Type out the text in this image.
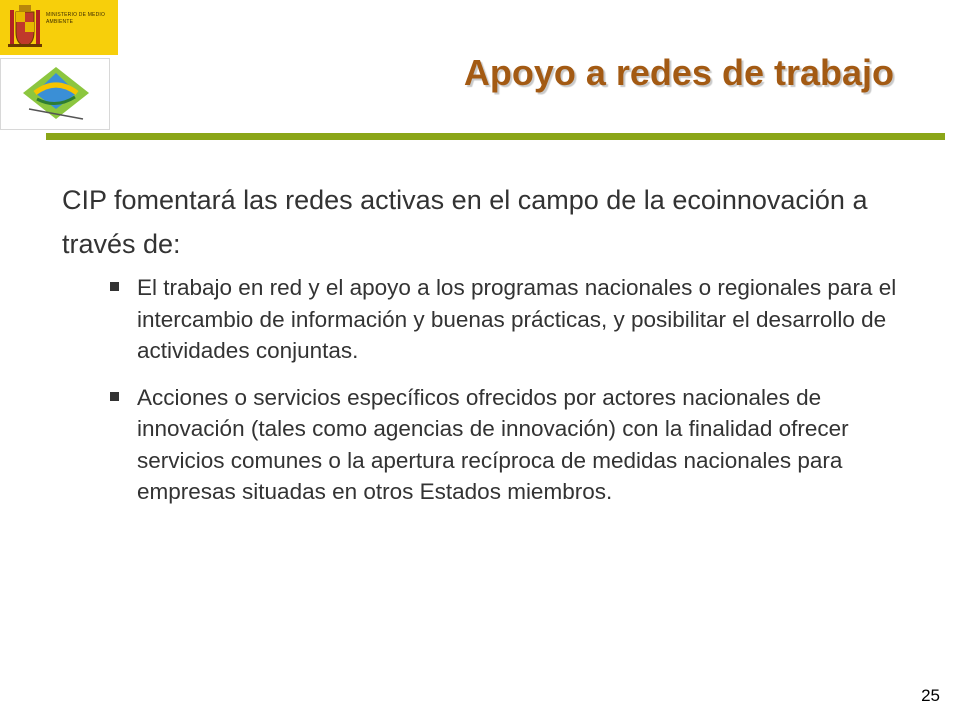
MINISTERIO DE MEDIO AMBIENTE
Apoyo a redes de trabajo

CIP fomentará las redes activas en el campo de la ecoinnovación a través de:

El trabajo en red y el apoyo a los programas nacionales o regionales para el intercambio de información y buenas prácticas, y posibilitar el desarrollo de actividades conjuntas.
Acciones o servicios específicos ofrecidos por actores nacionales de innovación (tales como agencias de innovación) con la finalidad ofrecer servicios comunes o la apertura recíproca de medidas nacionales para empresas situadas en otros Estados miembros.
25
